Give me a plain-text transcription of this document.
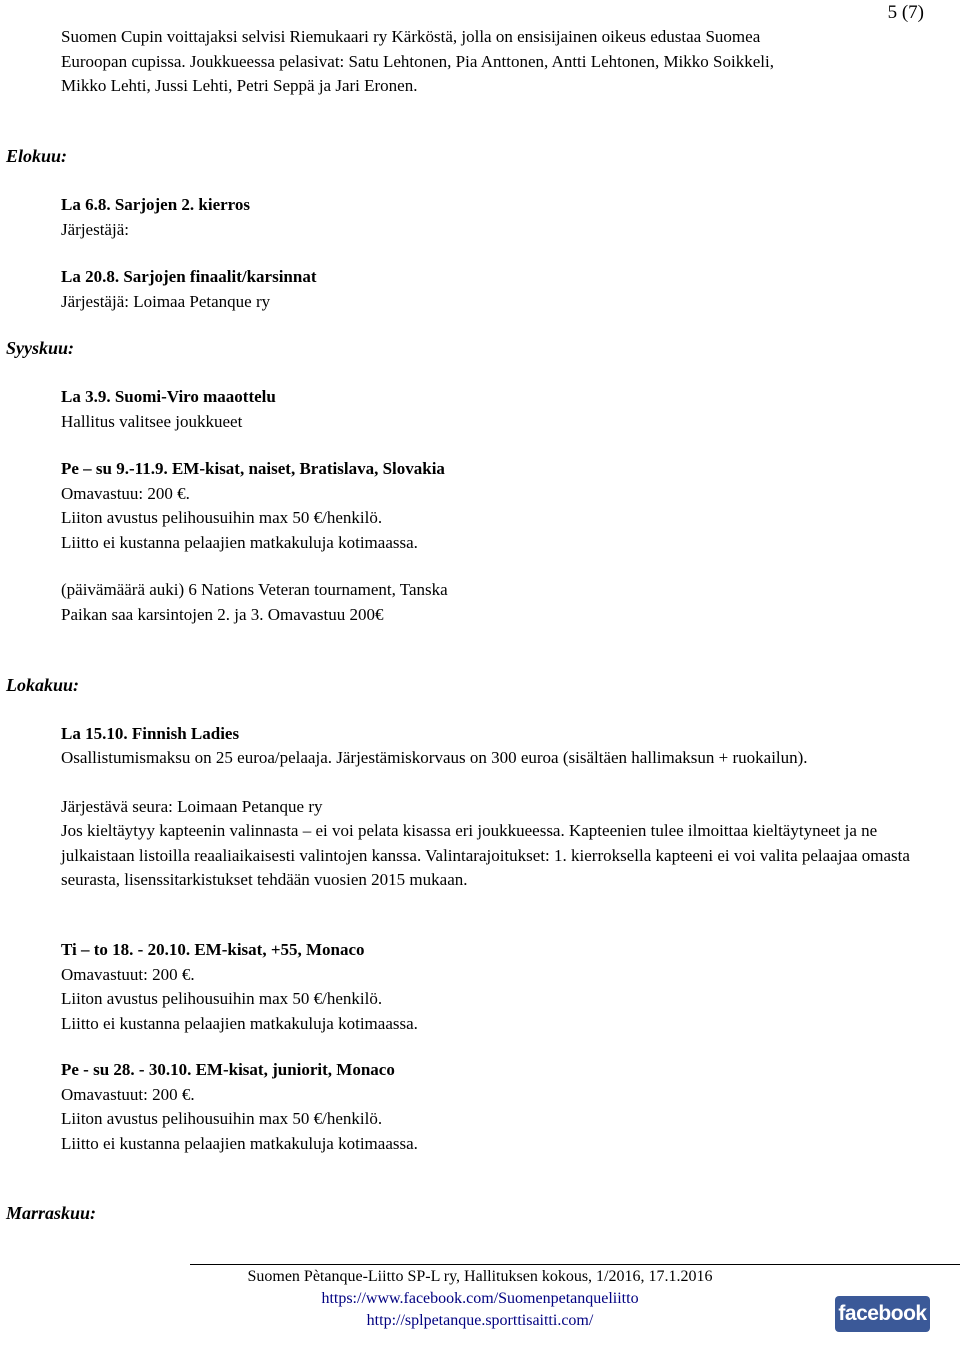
5 (7)
Suomen Cupin voittajaksi selvisi Riemukaari ry Kärköstä, jolla on ensisijainen oikeus edustaa Suomea
Euroopan cupissa. Joukkueessa pelasivat: Satu Lehtonen, Pia Anttonen, Antti Lehtonen, Mikko Soikkeli,
Mikko Lehti, Jussi Lehti, Petri Seppä ja Jari Eronen.
Elokuu:
La 6.8. Sarjojen 2. kierros
Järjestäjä:
La 20.8. Sarjojen finaalit/karsinnat
Järjestäjä: Loimaa Petanque ry
Syyskuu:
La 3.9. Suomi-Viro maaottelu
Hallitus valitsee joukkueet
Pe – su 9.-11.9. EM-kisat, naiset, Bratislava, Slovakia
Omavastuu: 200 €.
Liiton avustus pelihousuihin max 50 €/henkilö.
Liitto ei kustanna pelaajien matkakuluja kotimaassa.
(päivämäärä auki) 6 Nations Veteran tournament, Tanska
Paikan saa karsintojen 2. ja 3. Omavastuu 200€
Lokakuu:
La 15.10. Finnish Ladies
Osallistumismaksu on 25 euroa/pelaaja. Järjestämiskorvaus on 300 euroa (sisältäen hallimaksun + ruokailun).
Järjestävä seura: Loimaan Petanque ry
Jos kieltäytyy kapteenin valinnasta – ei voi pelata kisassa eri joukkueessa. Kapteenien tulee ilmoittaa kieltäytyneet ja ne julkaistaan listoilla reaaliaikaisesti valintojen kanssa. Valintarajoitukset: 1. kierroksella kapteeni ei voi valita pelaajaa omasta seurasta, lisenssitarkistukset tehdään vuosien 2015 mukaan.
Ti – to 18. - 20.10. EM-kisat, +55, Monaco
Omavastuut: 200 €.
Liiton avustus pelihousuihin max 50 €/henkilö.
Liitto ei kustanna pelaajien matkakuluja kotimaassa.
Pe - su 28. - 30.10. EM-kisat, juniorit, Monaco
Omavastuut: 200 €.
Liiton avustus pelihousuihin max 50 €/henkilö.
Liitto ei kustanna pelaajien matkakuluja kotimaassa.
Marraskuu:
Suomen Pètanque-Liitto SP-L ry, Hallituksen kokous, 1/2016, 17.1.2016
https://www.facebook.com/Suomenpetanqueliitto
http://splpetanque.sporttisaitti.com/	facebook
